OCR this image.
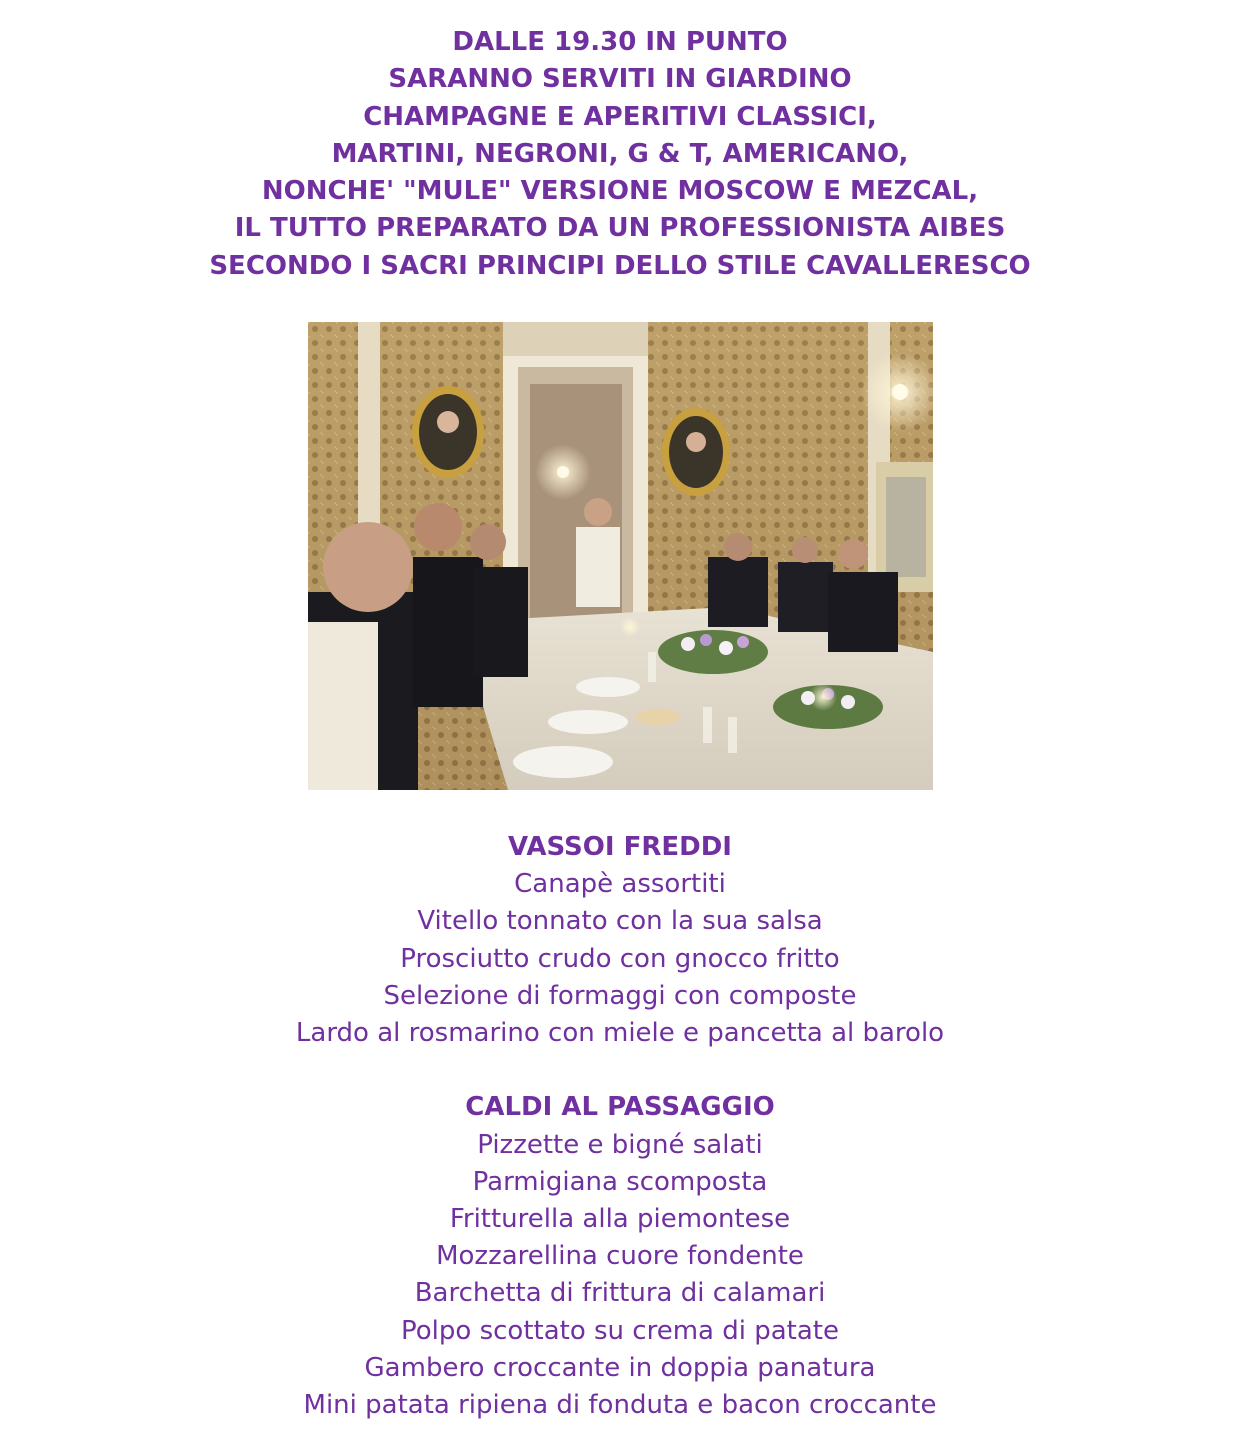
DALLE 19.30 IN PUNTO
SARANNO SERVITI IN GIARDINO
CHAMPAGNE E APERITIVI CLASSICI,
MARTINI, NEGRONI, G & T, AMERICANO,
NONCHE' "MULE" VERSIONE MOSCOW E MEZCAL,
IL TUTTO PREPARATO DA UN PROFESSIONISTA AIBES
SECONDO I SACRI PRINCIPI DELLO STILE CAVALLERESCO
VASSOI FREDDI
Canapè assortiti
Vitello tonnato con la sua salsa
Prosciutto crudo con gnocco fritto
Selezione di formaggi con composte
Lardo al rosmarino con miele e pancetta al barolo
CALDI AL PASSAGGIO
Pizzette e bigné salati
Parmigiana scomposta
Fritturella alla piemontese
Mozzarellina cuore fondente
Barchetta di frittura di calamari
Polpo scottato su crema di patate
Gambero croccante in doppia panatura
Mini patata ripiena di fonduta e bacon croccante
